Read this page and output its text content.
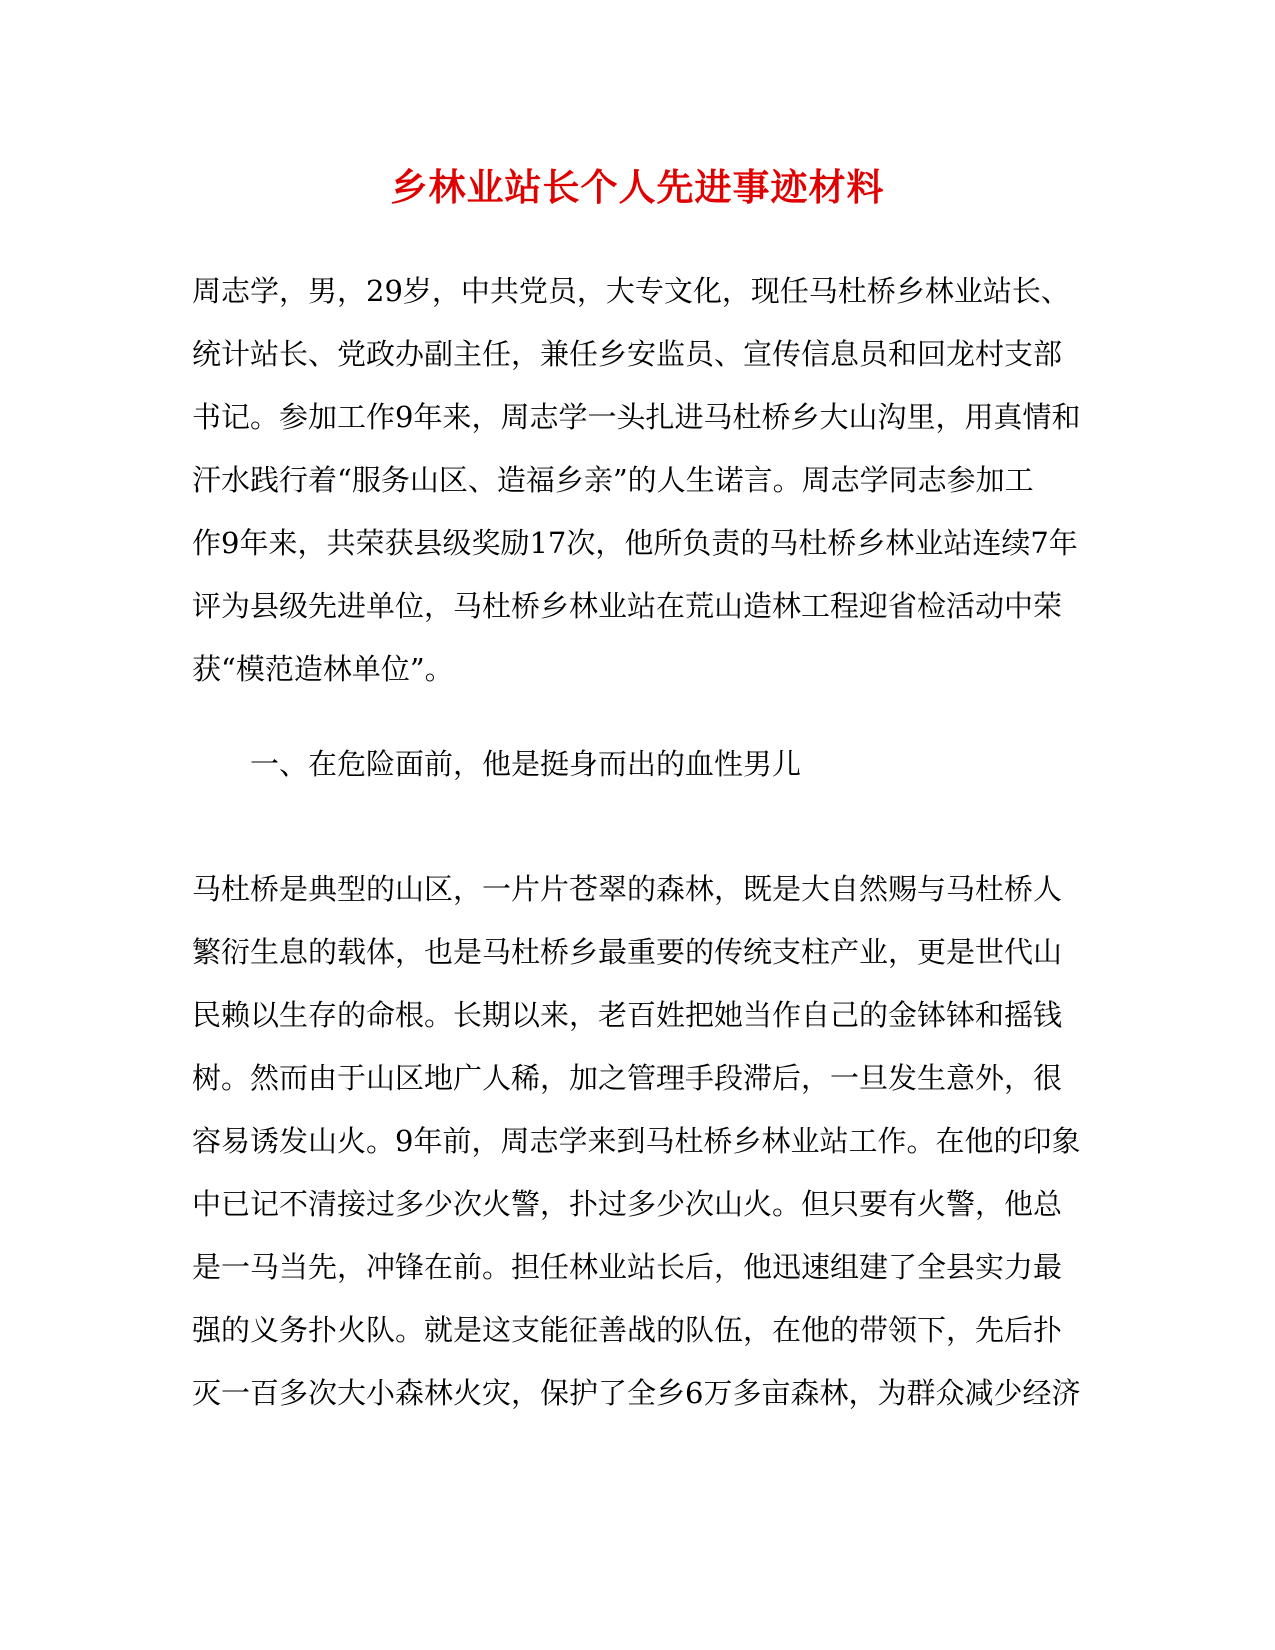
乡林业站长个人先进事迹材料
周志学，男，29岁，中共党员，大专文化，现任马杜桥乡林业站长、
统计站长、党政办副主任，兼任乡安监员、宣传信息员和回龙村支部
书记。参加工作9年来，周志学一头扎进马杜桥乡大山沟里，用真情和
汗水践行着“服务山区、造福乡亲”的人生诺言。周志学同志参加工
作9年来，共荣获县级奖励17次，他所负责的马杜桥乡林业站连续7年
评为县级先进单位，马杜桥乡林业站在荒山造林工程迎省检活动中荣
获“模范造林单位”。
一、在危险面前，他是挺身而出的血性男儿
马杜桥是典型的山区，一片片苍翠的森林，既是大自然赐与马杜桥人
繁衍生息的载体，也是马杜桥乡最重要的传统支柱产业，更是世代山
民赖以生存的命根。长期以来，老百姓把她当作自己的金钵钵和摇钱
树。然而由于山区地广人稀，加之管理手段滞后，一旦发生意外，很
容易诱发山火。9年前，周志学来到马杜桥乡林业站工作。在他的印象
中已记不清接过多少次火警，扑过多少次山火。但只要有火警，他总
是一马当先，冲锋在前。担任林业站长后，他迅速组建了全县实力最
强的义务扑火队。就是这支能征善战的队伍，在他的带领下，先后扑
灭一百多次大小森林火灾，保护了全乡6万多亩森林，为群众减少经济
